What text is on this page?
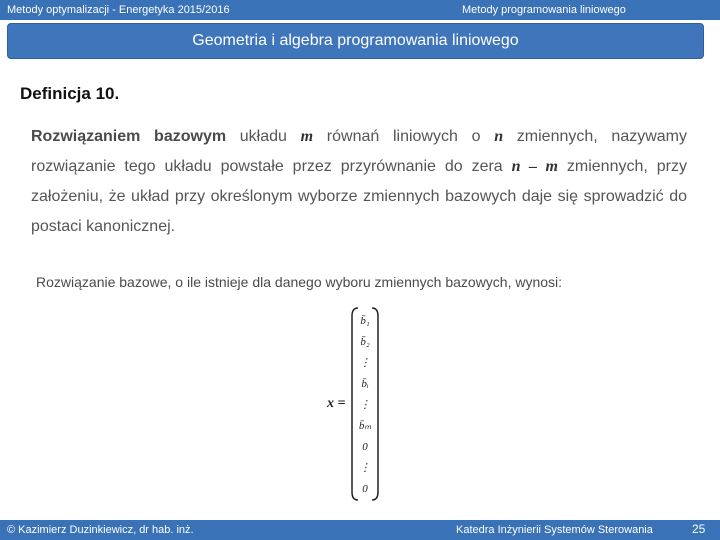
Metody optymalizacji - Energetyka 2015/2016	Metody programowania liniowego
Geometria i algebra programowania liniowego
Definicja 10.
Rozwiązaniem bazowym układu m równań liniowych o n zmiennych, nazywamy rozwiązanie tego układu powstałe przez przyrównanie do zera n – m zmiennych, przy założeniu, że układ przy określonym wyborze zmiennych bazowych daje się sprowadzić do postaci kanonicznej.
Rozwiązanie bazowe, o ile istnieje dla danego wyboru zmiennych bazowych, wynosi:
x =
b̄₁
b̄₂
⋮
b̄ᵢ
⋮
b̄ₘ
0
⋮
0
© Kazimierz Duzinkiewicz, dr hab. inż.	Katedra Inżynierii Systemów Sterowania	25
